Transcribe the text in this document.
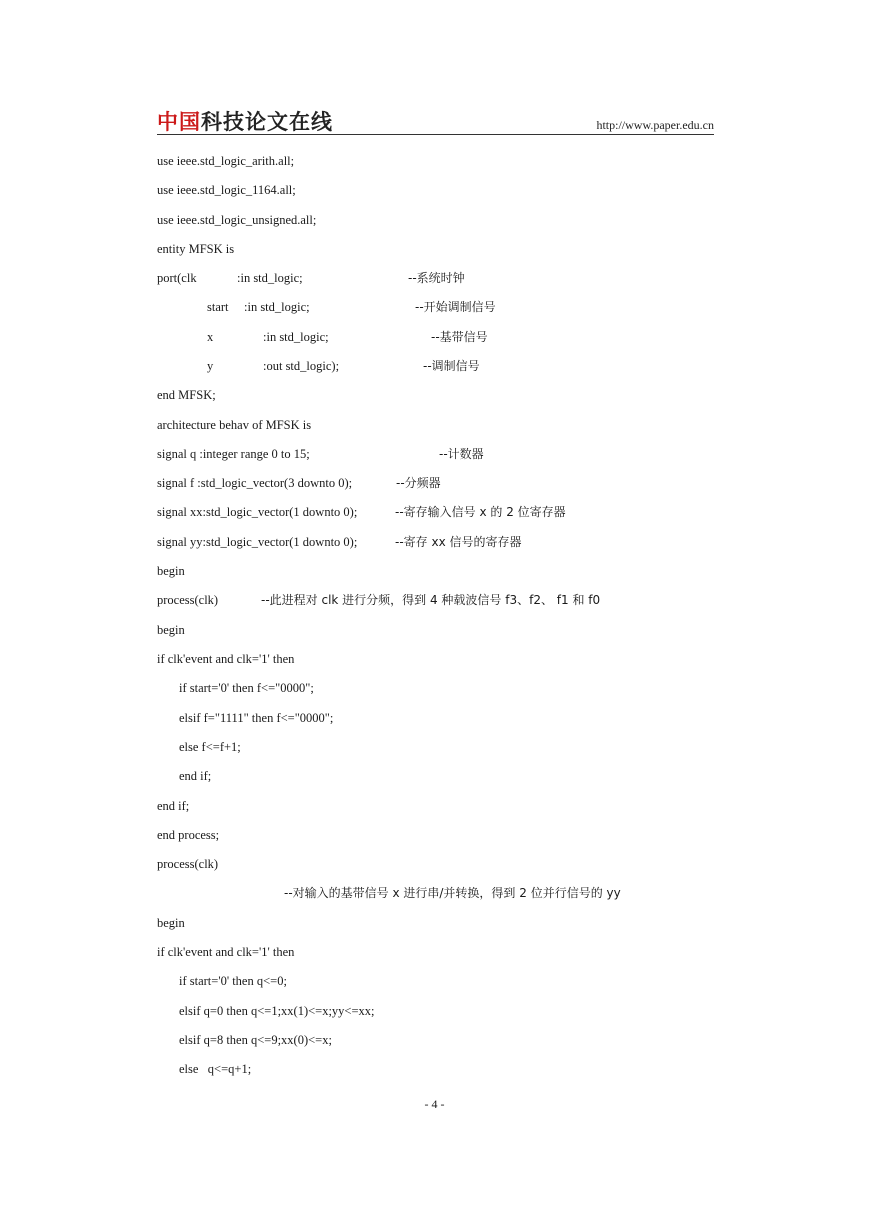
中国科技论文在线	http://www.paper.edu.cn
use ieee.std_logic_arith.all;
use ieee.std_logic_1164.all;
use ieee.std_logic_unsigned.all;
entity MFSK is
port(clk	:in std_logic;	--系统时钟
start :in std_logic;	--开始调制信号
x	:in std_logic;	--基带信号
y	:out std_logic);	--调制信号
end MFSK;
architecture behav of MFSK is
signal q :integer range 0 to 15;	--计数器
signal f :std_logic_vector(3 downto 0);	--分频器
signal xx:std_logic_vector(1 downto 0);	--寄存输入信号 x 的 2 位寄存器
signal yy:std_logic_vector(1 downto 0);	--寄存 xx 信号的寄存器
begin
process(clk)	--此进程对 clk 进行分频，得到 4 种载波信号 f3、f2、 f1 和 f0
begin
if clk'event and clk='1' then
if start='0' then f<="0000";
elsif f="1111" then f<="0000";
else f<=f+1;
end if;
end if;
end process;
process(clk)
--对输入的基带信号 x 进行串/并转换，得到 2 位并行信号的 yy
begin
if clk'event and clk='1' then
if start='0' then q<=0;
elsif q=0 then q<=1;xx(1)<=x;yy<=xx;
elsif q=8 then q<=9;xx(0)<=x;
else   q<=q+1;
- 4 -
